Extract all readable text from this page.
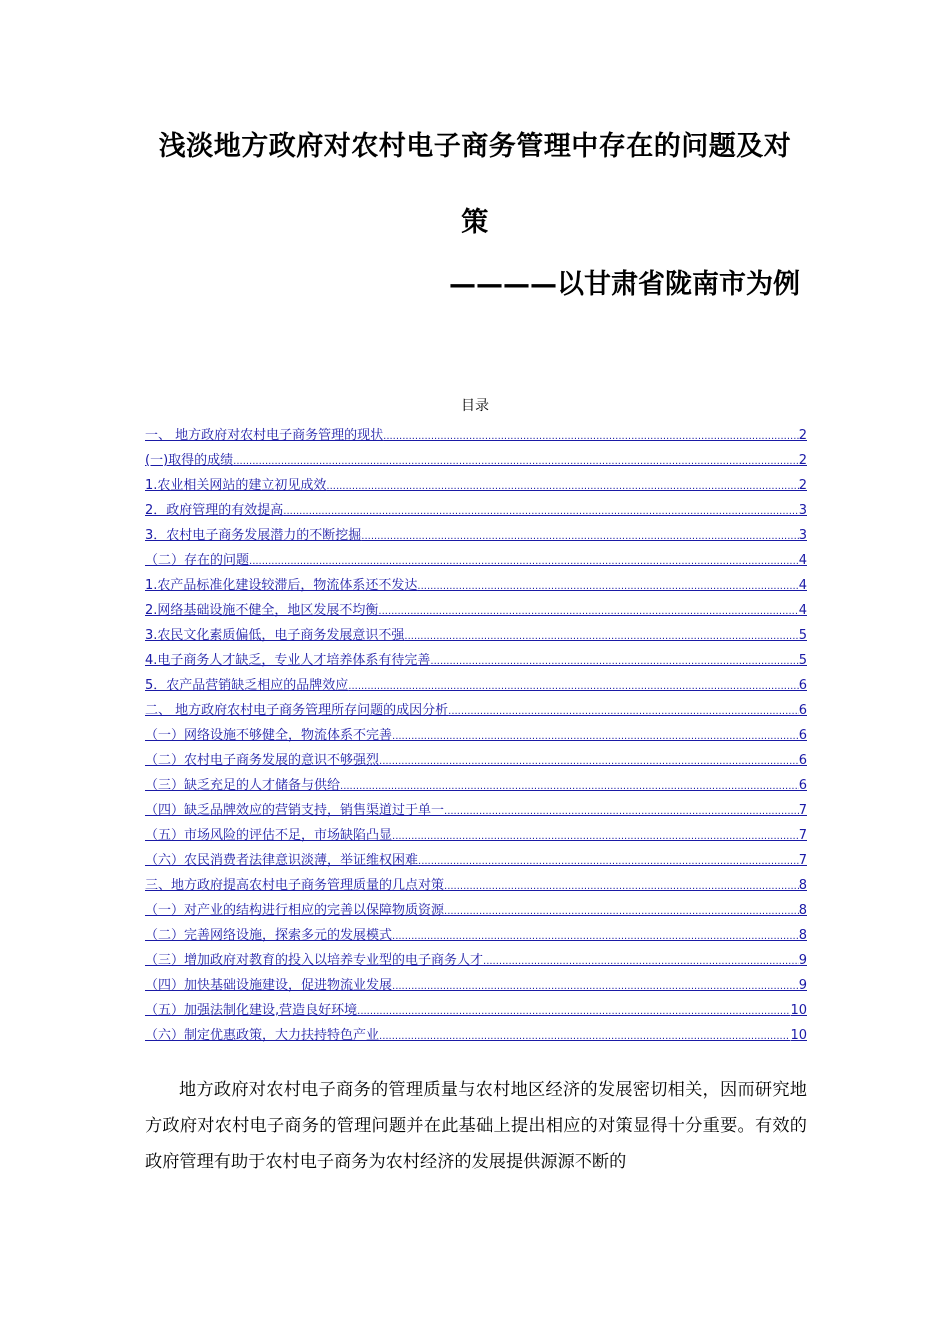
浅淡地方政府对农村电子商务管理中存在的问题及对
策
————以甘肃省陇南市为例
目录
一、 地方政府对农村电子商务管理的现状 .....	2
(一)取得的成绩 .....	2
1.农业相关网站的建立初见成效 .....	2
2．政府管理的有效提高 .....	3
3．农村电子商务发展潜力的不断挖掘 .....	3
（二）存在的问题 .....	4
1.农产品标准化建设较滞后，物流体系还不发达 .....	4
2.网络基础设施不健全，地区发展不均衡 .....	4
3.农民文化素质偏低，电子商务发展意识不强 .....	5
4.电子商务人才缺乏，专业人才培养体系有待完善 .....	5
5．农产品营销缺乏相应的品牌效应 .....	6
二、 地方政府农村电子商务管理所存问题的成因分析 .....	6
（一）网络设施不够健全，物流体系不完善 .....	6
（二）农村电子商务发展的意识不够强烈 .....	6
（三）缺乏充足的人才储备与供给 .....	6
（四）缺乏品牌效应的营销支持，销售渠道过于单一 .....	7
（五）市场风险的评估不足，市场缺陷凸显 .....	7
（六）农民消费者法律意识淡薄，举证维权困难 .....	7
三、地方政府提高农村电子商务管理质量的几点对策 .....	8
（一）对产业的结构进行相应的完善以保障物质资源 .....	8
（二）完善网络设施，探索多元的发展模式 .....	8
（三）增加政府对教育的投入以培养专业型的电子商务人才 .....	9
（四）加快基础设施建设，促进物流业发展 .....	9
（五）加强法制化建设,营造良好环境 .....	10
（六）制定优惠政策，大力扶持特色产业 .....	10

地方政府对农村电子商务的管理质量与农村地区经济的发展密切相关，因而研究地方政府对农村电子商务的管理问题并在此基础上提出相应的对策显得十分重要。有效的政府管理有助于农村电子商务为农村经济的发展提供源源不断的
